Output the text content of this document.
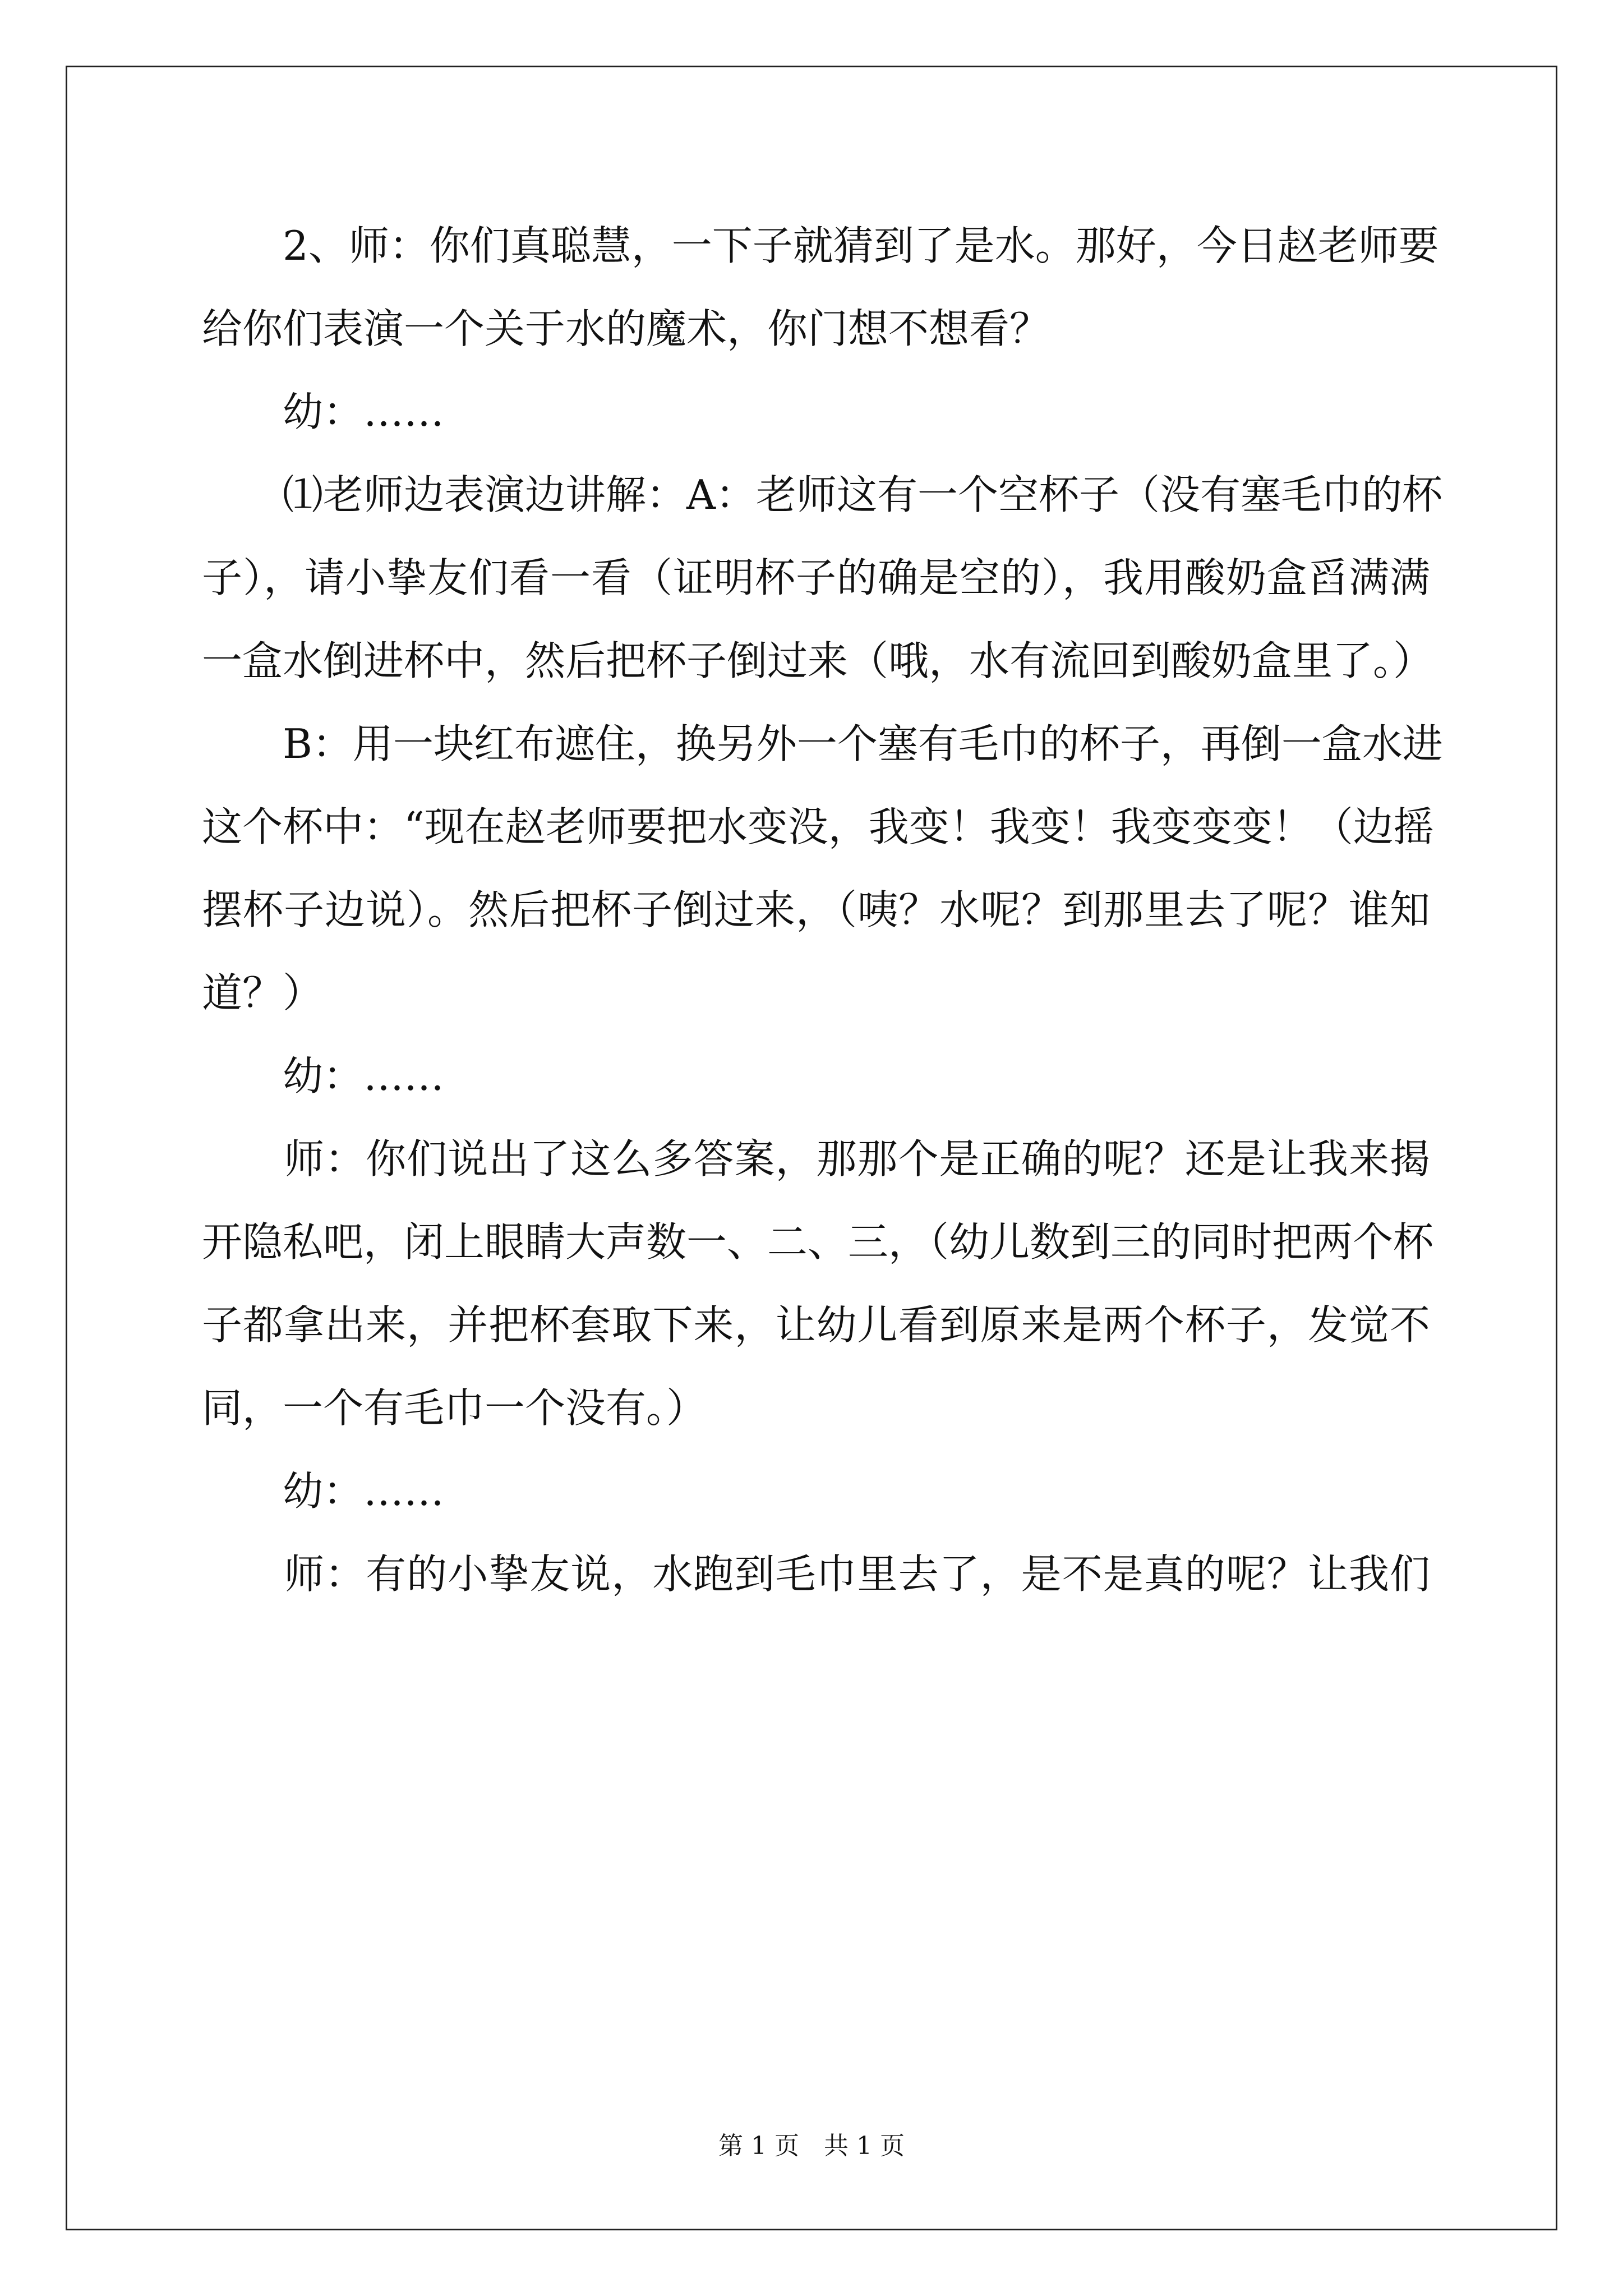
　　2、师：你们真聪慧，一下子就猜到了是水。那好，今日赵老师要
给你们表演一个关于水的魔术，你门想不想看？
　　幼：……
　　⑴老师边表演边讲解：A：老师这有一个空杯子（没有塞毛巾的杯
子），请小挚友们看一看（证明杯子的确是空的），我用酸奶盒舀满满
一盒水倒进杯中，然后把杯子倒过来（哦，水有流回到酸奶盒里了。）
　　B：用一块红布遮住，换另外一个塞有毛巾的杯子，再倒一盒水进
这个杯中：“现在赵老师要把水变没，我变！我变！我变变变！（边摇
摆杯子边说）。然后把杯子倒过来，（咦？水呢？到那里去了呢？谁知
道？）
　　幼：……
　　师：你们说出了这么多答案，那那个是正确的呢？还是让我来揭
开隐私吧，闭上眼睛大声数一、二、三，（幼儿数到三的同时把两个杯
子都拿出来，并把杯套取下来，让幼儿看到原来是两个杯子，发觉不
同，一个有毛巾一个没有。）
　　幼：……
　　师：有的小挚友说，水跑到毛巾里去了，是不是真的呢？让我们
第 1 页 共 1 页
